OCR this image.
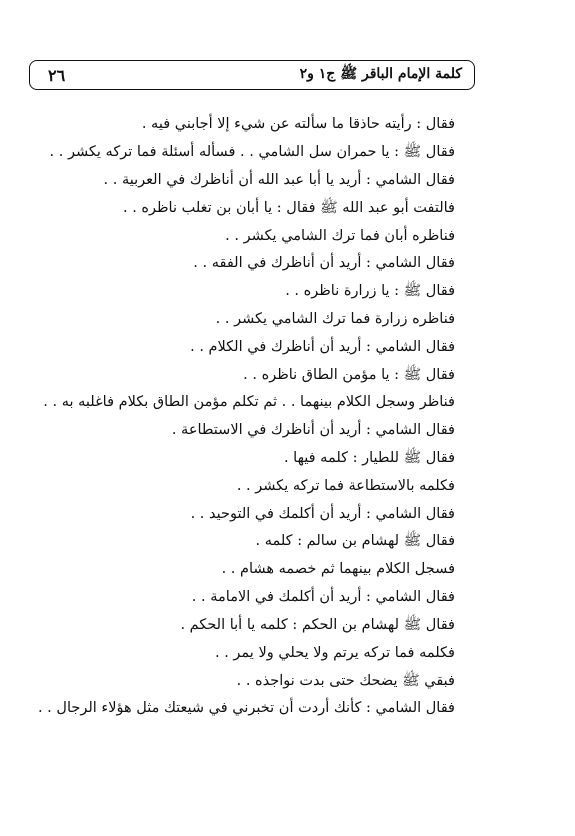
٢٦	كلمة الإمام الباقر ﷺ ج١ و٢
فقال : رأيته حاذقا ما سألته عن شيء إلا أجابني فيه .
فقال ﷺ : يا حمران سل الشامي . . فسأله أسئلة فما تركه يكشر . .
فقال الشامي : أريد يا أبا عبد الله أن أناظرك في العربية . .
فالتفت أبو عبد الله ﷺ فقال : يا أبان بن تغلب ناظره . .
فناظره أبان فما ترك الشامي يكشر . .
فقال الشامي : أريد أن أناظرك في الفقه . .
فقال ﷺ : يا زرارة ناظره . .
فناظره زرارة فما ترك الشامي يكشر . .
فقال الشامي : أريد أن أناظرك في الكلام . .
فقال ﷺ : يا مؤمن الطاق ناظره . .
فناظر وسجل الكلام بينهما . . ثم تكلم مؤمن الطاق بكلام فاغلبه به . .
فقال الشامي : أريد أن أناظرك في الاستطاعة .
فقال ﷺ للطيار : كلمه فيها .
فكلمه بالاستطاعة فما تركه يكشر . .
فقال الشامي : أريد أن أكلمك في التوحيد . .
فقال ﷺ لهشام بن سالم : كلمه .
فسجل الكلام بينهما ثم خصمه هشام . .
فقال الشامي : أريد أن أكلمك في الامامة . .
فقال ﷺ لهشام بن الحكم : كلمه يا أبا الحكم .
فكلمه فما تركه يرتم ولا يحلي ولا يمر . .
فبقي ﷺ يضحك حتى بدت نواجذه . .
فقال الشامي : كأنك أردت أن تخبرني في شيعتك مثل هؤلاء الرجال . .
